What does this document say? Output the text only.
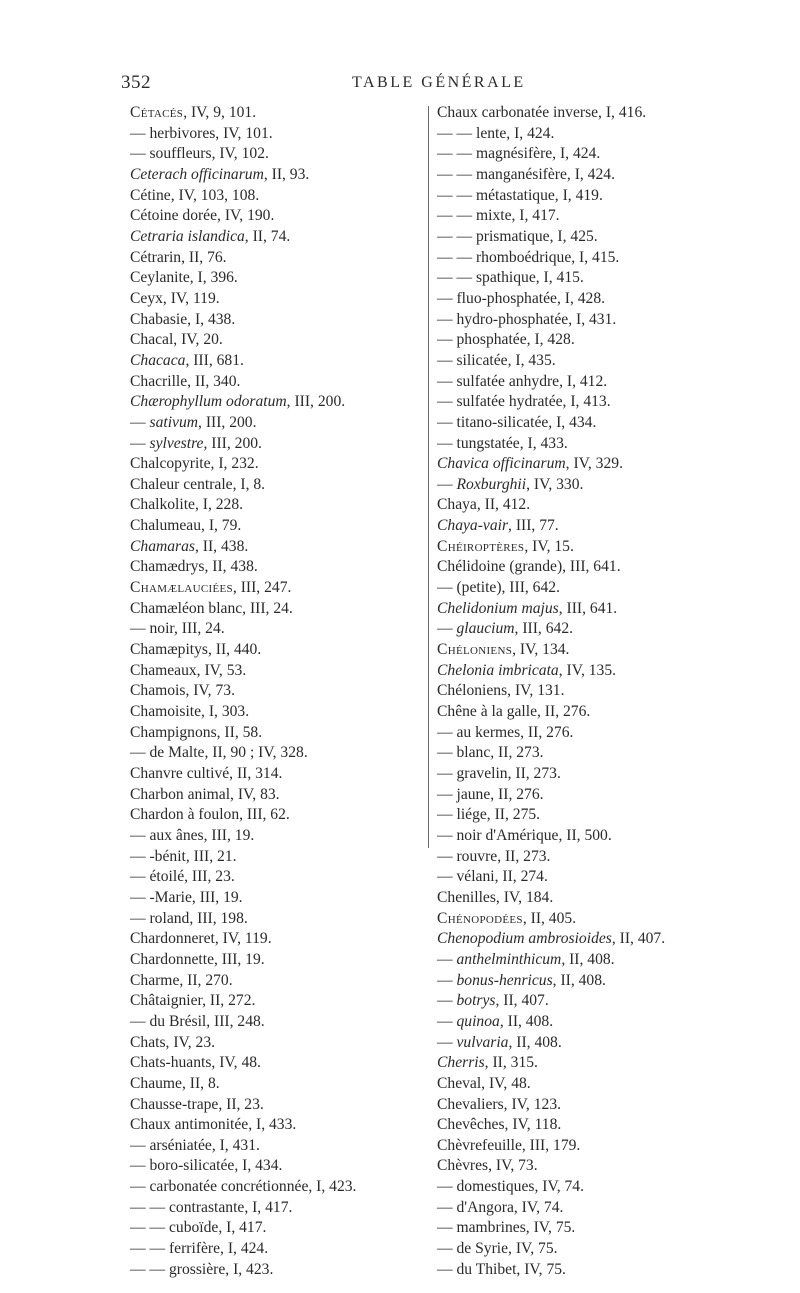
352	TABLE GÉNÉRALE
Cétacés, IV, 9, 101.
— herbivores, IV, 101.
— souffleurs, IV, 102.
Ceterach officinarum, II, 93.
Cétine, IV, 103, 108.
Cétoine dorée, IV, 190.
Cetraria islandica, II, 74.
Cétrarin, II, 76.
Ceylanite, I, 396.
Ceyx, IV, 119.
Chabasie, I, 438.
Chacal, IV, 20.
Chacaca, III, 681.
Chacrille, II, 340.
Chærophyllum odoratum, III, 200.
— sativum, III, 200.
— sylvestre, III, 200.
Chalcopyrite, I, 232.
Chaleur centrale, I, 8.
Chalkolite, I, 228.
Chalumeau, I, 79.
Chamaras, II, 438.
Chamædrys, II, 438.
Chamælauciées, III, 247.
Chamæléon blanc, III, 24.
— noir, III, 24.
Chamæpitys, II, 440.
Chameaux, IV, 53.
Chamois, IV, 73.
Chamoisite, I, 303.
Champignons, II, 58.
— de Malte, II, 90 ; IV, 328.
Chanvre cultivé, II, 314.
Charbon animal, IV, 83.
Chardon à foulon, III, 62.
— aux ânes, III, 19.
— -bénit, III, 21.
— étoilé, III, 23.
— -Marie, III, 19.
— roland, III, 198.
Chardonneret, IV, 119.
Chardonnette, III, 19.
Charme, II, 270.
Châtaignier, II, 272.
— du Brésil, III, 248.
Chats, IV, 23.
Chats-huants, IV, 48.
Chaume, II, 8.
Chausse-trape, II, 23.
Chaux antimonitée, I, 433.
— arséniatée, I, 431.
— boro-silicatée, I, 434.
— carbonatée concrétionnée, I, 423.
— — contrastante, I, 417.
— — cuboïde, I, 417.
— — ferrifère, I, 424.
— — grossière, I, 423.
Chaux carbonatée inverse, I, 416.
— — lente, I, 424.
— — magnésifère, I, 424.
— — manganésifère, I, 424.
— — métastatique, I, 419.
— — mixte, I, 417.
— — prismatique, I, 425.
— — rhomboédrique, I, 415.
— — spathique, I, 415.
— fluo-phosphatée, I, 428.
— hydro-phosphatée, I, 431.
— phosphatée, I, 428.
— silicatée, I, 435.
— sulfatée anhydre, I, 412.
— sulfatée hydratée, I, 413.
— titano-silicatée, I, 434.
— tungstatée, I, 433.
Chavica officinarum, IV, 329.
— Roxburghii, IV, 330.
Chaya, II, 412.
Chaya-vair, III, 77.
Chéiroptères, IV, 15.
Chélidoine (grande), III, 641.
— (petite), III, 642.
Chelidonium majus, III, 641.
— glaucium, III, 642.
Chéloniens, IV, 134.
Chelonia imbricata, IV, 135.
Chéloniens, IV, 131.
Chêne à la galle, II, 276.
— au kermes, II, 276.
— blanc, II, 273.
— gravelin, II, 273.
— jaune, II, 276.
— liége, II, 275.
— noir d'Amérique, II, 500.
— rouvre, II, 273.
— vélani, II, 274.
Chenilles, IV, 184.
Chénopodées, II, 405.
Chenopodium ambrosioides, II, 407.
— anthelminthicum, II, 408.
— bonus-henricus, II, 408.
— botrys, II, 407.
— quinoa, II, 408.
— vulvaria, II, 408.
Cherris, II, 315.
Cheval, IV, 48.
Chevaliers, IV, 123.
Chevêches, IV, 118.
Chèvrefeuille, III, 179.
Chèvres, IV, 73.
— domestiques, IV, 74.
— d'Angora, IV, 74.
— mambrines, IV, 75.
— de Syrie, IV, 75.
— du Thibet, IV, 75.
